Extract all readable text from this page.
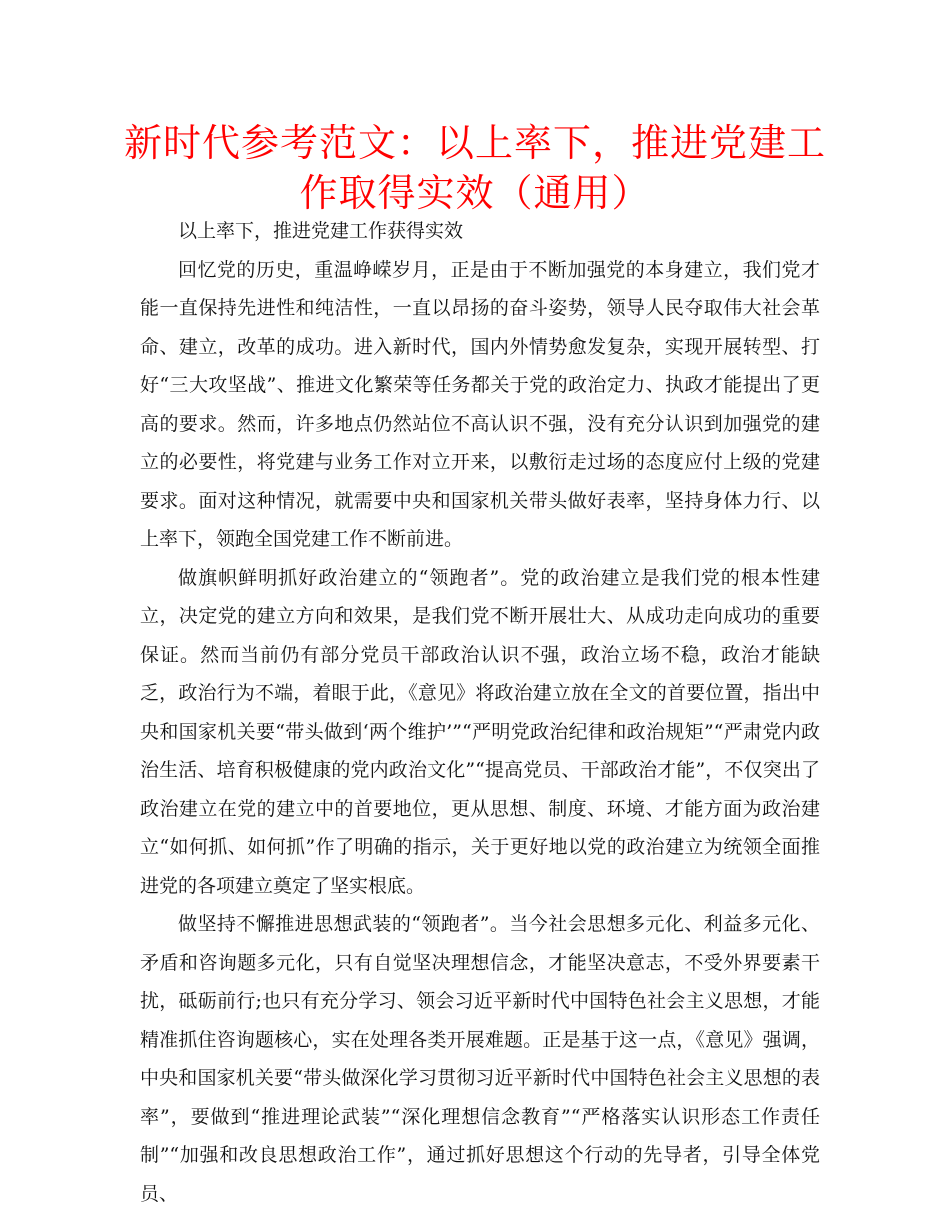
新时代参考范文：以上率下，推进党建工作取得实效（通用）

以上率下，推进党建工作获得实效

回忆党的历史，重温峥嵘岁月，正是由于不断加强党的本身建立，我们党才能一直保持先进性和纯洁性，一直以昂扬的奋斗姿势，领导人民夺取伟大社会革命、建立，改革的成功。进入新时代，国内外情势愈发复杂，实现开展转型、打好“三大攻坚战”、推进文化繁荣等任务都关于党的政治定力、执政才能提出了更高的要求。然而，许多地点仍然站位不高认识不强，没有充分认识到加强党的建立的必要性，将党建与业务工作对立开来，以敷衍走过场的态度应付上级的党建要求。面对这种情况，就需要中央和国家机关带头做好表率，坚持身体力行、以上率下，领跑全国党建工作不断前进。

做旗帜鲜明抓好政治建立的“领跑者”。党的政治建立是我们党的根本性建立，决定党的建立方向和效果，是我们党不断开展壮大、从成功走向成功的重要保证。然而当前仍有部分党员干部政治认识不强，政治立场不稳，政治才能缺乏，政治行为不端，着眼于此，《意见》将政治建立放在全文的首要位置，指出中央和国家机关要“带头做到‘两个维护’”“严明党政治纪律和政治规矩”“严肃党内政治生活、培育积极健康的党内政治文化”“提高党员、干部政治才能”，不仅突出了政治建立在党的建立中的首要地位，更从思想、制度、环境、才能方面为政治建立“如何抓、如何抓”作了明确的指示，关于更好地以党的政治建立为统领全面推进党的各项建立奠定了坚实根底。

做坚持不懈推进思想武装的“领跑者”。当今社会思想多元化、利益多元化、矛盾和咨询题多元化，只有自觉坚决理想信念，才能坚决意志，不受外界要素干扰，砥砺前行;也只有充分学习、领会习近平新时代中国特色社会主义思想，才能精准抓住咨询题核心，实在处理各类开展难题。正是基于这一点，《意见》强调，中央和国家机关要“带头做深化学习贯彻习近平新时代中国特色社会主义思想的表率”，要做到“推进理论武装”“深化理想信念教育”“严格落实认识形态工作责任制”“加强和改良思想政治工作”，通过抓好思想这个行动的先导者，引导全体党员、
